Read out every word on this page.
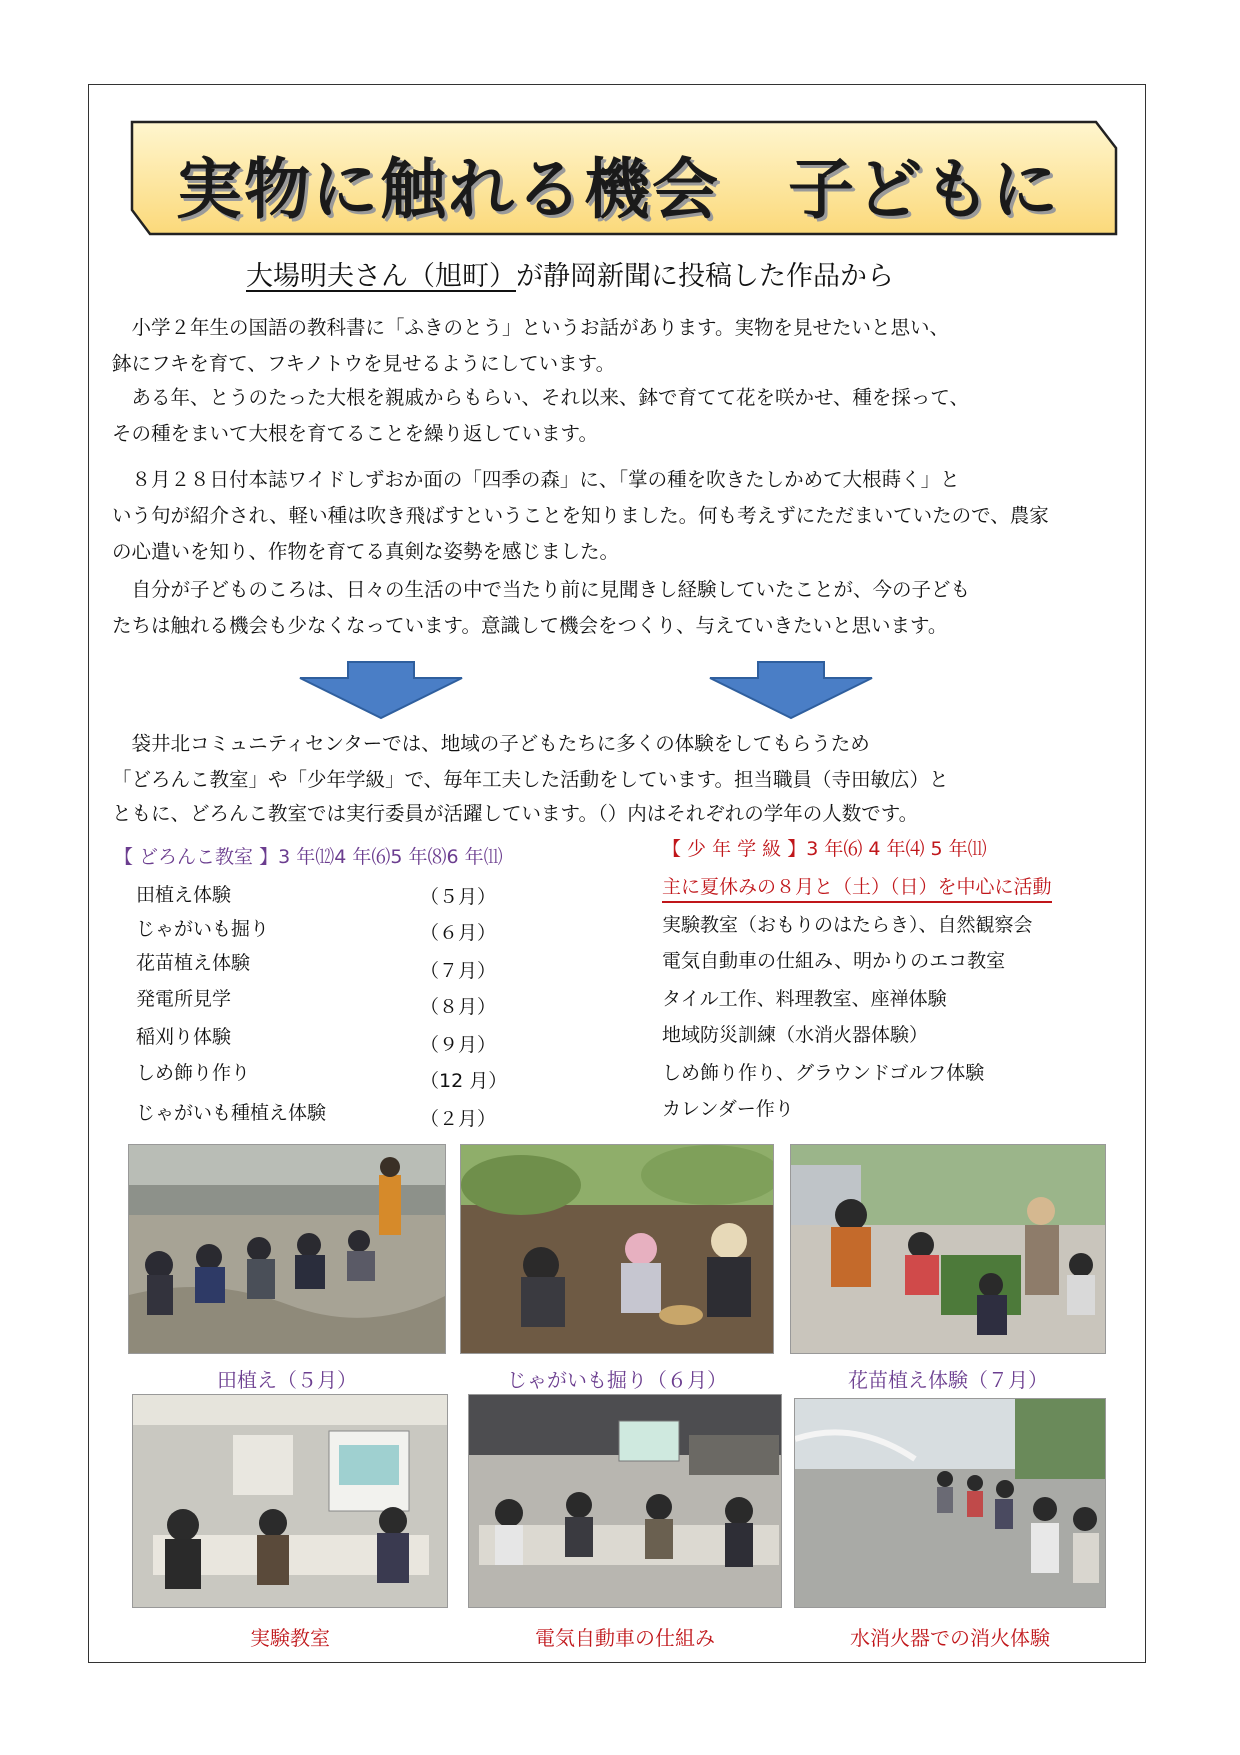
実物に触れる機会　子どもに
大場明夫さん（旭町）が静岡新聞に投稿した作品から
　小学２年生の国語の教科書に「ふきのとう」というお話があります。実物を見せたいと思い、
鉢にフキを育て、フキノトウを見せるようにしています。
　ある年、とうのたった大根を親戚からもらい、それ以来、鉢で育てて花を咲かせ、種を採って、
その種をまいて大根を育てることを繰り返しています。
　８月２８日付本誌ワイドしずおか面の「四季の森」に、「掌の種を吹きたしかめて大根蒔く」と
いう句が紹介され、軽い種は吹き飛ばすということを知りました。何も考えずにただまいていたので、農家
の心遣いを知り、作物を育てる真剣な姿勢を感じました。
　自分が子どものころは、日々の生活の中で当たり前に見聞きし経験していたことが、今の子ども
たちは触れる機会も少なくなっています。意識して機会をつくり、与えていきたいと思います。
　袋井北コミュニティセンターでは、地域の子どもたちに多くの体験をしてもらうため
「どろんこ教室」や「少年学級」で、毎年工夫した活動をしています。担当職員（寺田敏広）と
ともに、どろんこ教室では実行委員が活躍しています。（）内はそれぞれの学年の人数です。
【 どろんこ教室 】3 年⑿4 年⑹5 年⑻6 年⑾
田植え体験	（５月）
じゃがいも掘り	（６月）
花苗植え体験	（７月）
発電所見学	（８月）
稲刈り体験	（９月）
しめ飾り作り	（12 月）
じゃがいも種植え体験	（２月）
【 少 年 学 級 】3 年⑹ 4 年⑷ 5 年⑾
主に夏休みの８月と（土）（日）を中心に活動
実験教室（おもりのはたらき）、自然観察会
電気自動車の仕組み、明かりのエコ教室
タイル工作、料理教室、座禅体験
地域防災訓練（水消火器体験）
しめ飾り作り、グラウンドゴルフ体験
カレンダー作り
田植え（５月）	じゃがいも掘り（６月）	花苗植え体験（７月）
実験教室	電気自動車の仕組み	水消火器での消火体験
